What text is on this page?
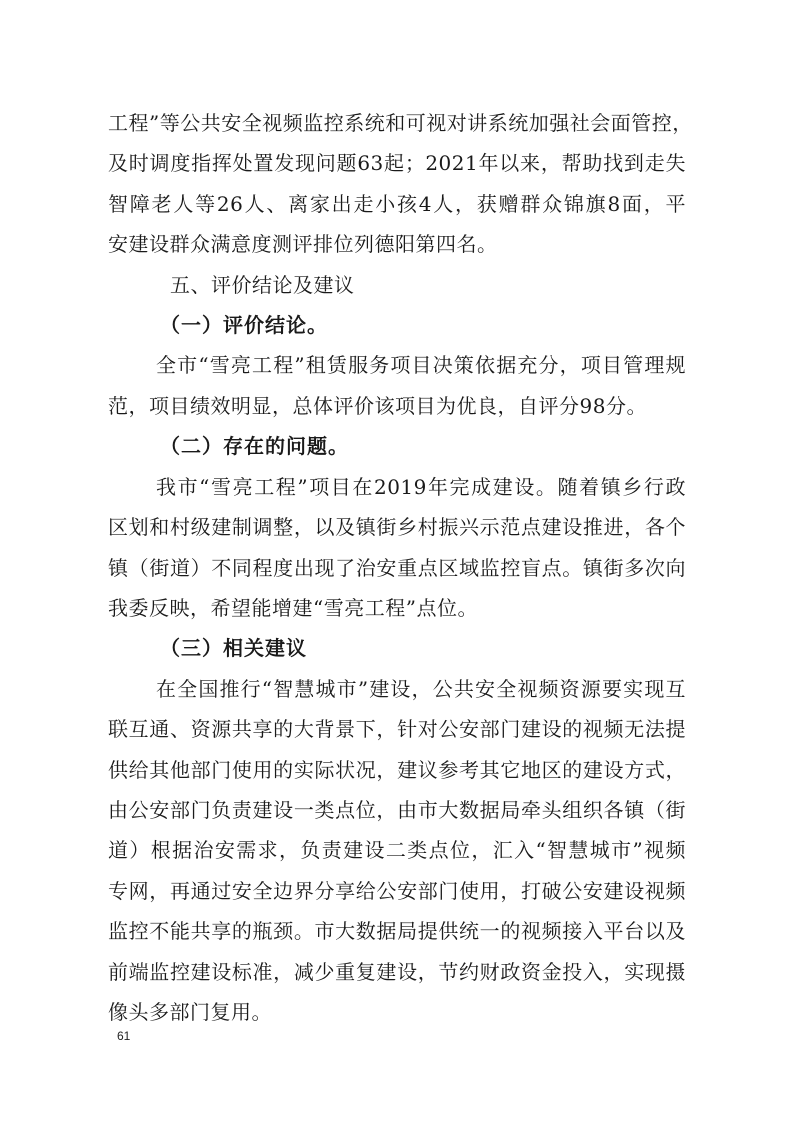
工程”等公共安全视频监控系统和可视对讲系统加强社会面管控，
及时调度指挥处置发现问题63起；2021年以来，帮助找到走失
智障老人等26人、离家出走小孩4人，获赠群众锦旗8面，平
安建设群众满意度测评排位列德阳第四名。
五、评价结论及建议
（一）评价结论。
全市“雪亮工程”租赁服务项目决策依据充分，项目管理规
范，项目绩效明显，总体评价该项目为优良，自评分98分。
（二）存在的问题。
我市“雪亮工程”项目在2019年完成建设。随着镇乡行政
区划和村级建制调整，以及镇街乡村振兴示范点建设推进，各个
镇（街道）不同程度出现了治安重点区域监控盲点。镇街多次向
我委反映，希望能增建“雪亮工程”点位。
（三）相关建议
在全国推行“智慧城市”建设，公共安全视频资源要实现互
联互通、资源共享的大背景下，针对公安部门建设的视频无法提
供给其他部门使用的实际状况，建议参考其它地区的建设方式，
由公安部门负责建设一类点位，由市大数据局牵头组织各镇（街
道）根据治安需求，负责建设二类点位，汇入“智慧城市”视频
专网，再通过安全边界分享给公安部门使用，打破公安建设视频
监控不能共享的瓶颈。市大数据局提供统一的视频接入平台以及
前端监控建设标准，减少重复建设，节约财政资金投入，实现摄
像头多部门复用。
61
